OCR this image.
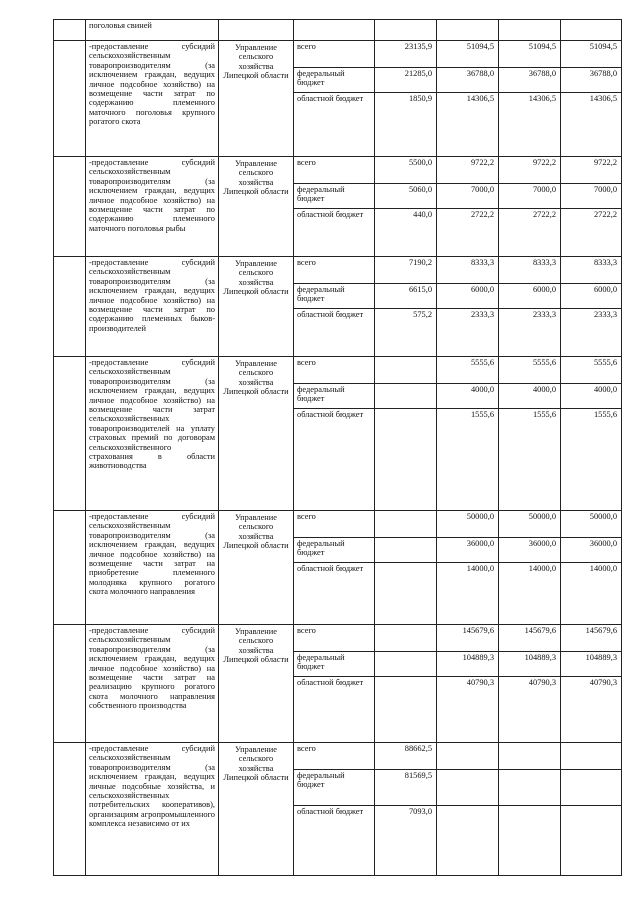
	поголовья свиней						
	-предоставление субсидий сельскохозяйственным товаропроизводителям (за исключением граждан, ведущих личное подсобное хозяйство) на возмещение части затрат по содержанию племенного маточного поголовья крупного рогатого скота	Управление сельского хозяйства Липецкой области	всего	23135,9	51094,5	51094,5	51094,5
			федеральный бюджет	21285,0	36788,0	36788,0	36788,0
			областной бюджет	1850,9	14306,5	14306,5	14306,5
	-предоставление субсидий сельскохозяйственным товаропроизводителям (за исключением граждан, ведущих личное подсобное хозяйство) на возмещение части затрат по содержанию племенного маточного поголовья рыбы	Управление сельского хозяйства Липецкой области	всего	5500,0	9722,2	9722,2	9722,2
			федеральный бюджет	5060,0	7000,0	7000,0	7000,0
			областной бюджет	440,0	2722,2	2722,2	2722,2
	-предоставление субсидий сельскохозяйственным товаропроизводителям (за исключением граждан, ведущих личное подсобное хозяйство) на возмещение части затрат по содержанию племенных быков-производителей	Управление сельского хозяйства Липецкой области	всего	7190,2	8333,3	8333,3	8333,3
			федеральный бюджет	6615,0	6000,0	6000,0	6000,0
			областной бюджет	575,2	2333,3	2333,3	2333,3
	-предоставление субсидий сельскохозяйственным товаропроизводителям (за исключением граждан, ведущих личное подсобное хозяйство) на возмещение части затрат сельскохозяйственных товаропроизводителей на уплату страховых премий по договорам сельскохозяйственного страхования в области животноводства	Управление сельского хозяйства Липецкой области	всего		5555,6	5555,6	5555,6
			федеральный бюджет		4000,0	4000,0	4000,0
			областной бюджет		1555,6	1555,6	1555,6
	-предоставление субсидий сельскохозяйственным товаропроизводителям (за исключением граждан, ведущих личное подсобное хозяйство) на возмещение части затрат на приобретение племенного молодняка крупного рогатого скота молочного направления	Управление сельского хозяйства Липецкой области	всего		50000,0	50000,0	50000,0
			федеральный бюджет		36000,0	36000,0	36000,0
			областной бюджет		14000,0	14000,0	14000,0
	-предоставление субсидий сельскохозяйственным товаропроизводителям (за исключением граждан, ведущих личное подсобное хозяйство) на возмещение части затрат на реализацию крупного рогатого скота молочного направления собственного производства	Управление сельского хозяйства Липецкой области	всего		145679,6	145679,6	145679,6
			федеральный бюджет		104889,3	104889,3	104889,3
			областной бюджет		40790,3	40790,3	40790,3
	-предоставление субсидий сельскохозяйственным товаропроизводителям (за исключением граждан, ведущих личные подсобные хозяйства, и сельскохозяйственных потребительских кооперативов), организациям агропромышленного комплекса независимо от их	Управление сельского хозяйства Липецкой области	всего	88662,5			
			федеральный бюджет	81569,5			
			областной бюджет	7093,0			
